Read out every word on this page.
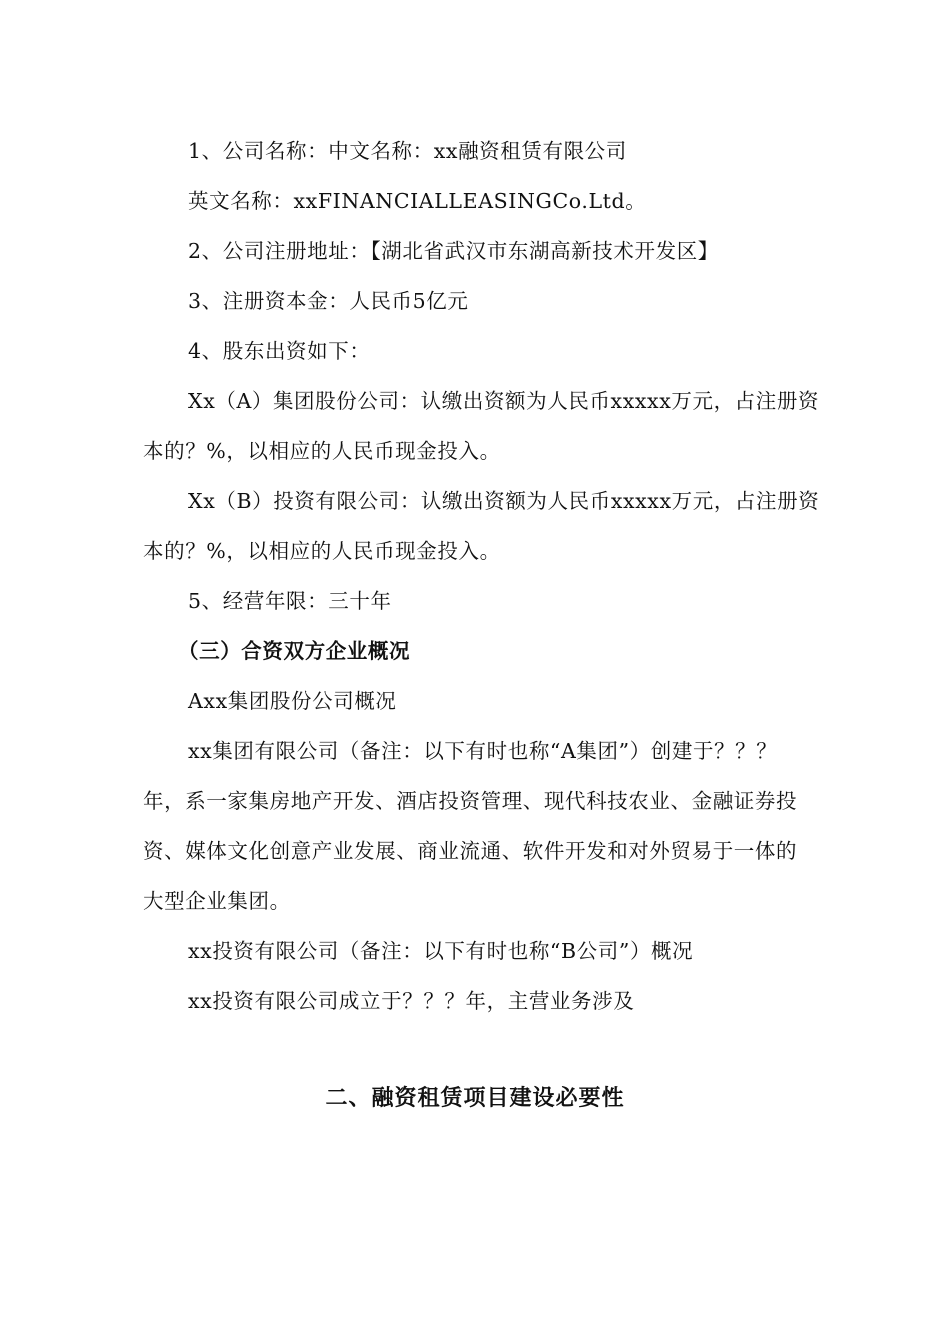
1、公司名称：中文名称：xx融资租赁有限公司
英文名称：xxFINANCIALLEASINGCo.Ltd。
2、公司注册地址：【湖北省武汉市东湖高新技术开发区】
3、注册资本金：人民币5亿元
4、股东出资如下：
Xx（A）集团股份公司：认缴出资额为人民币xxxxx万元，占注册资
本的？%，以相应的人民币现金投入。
Xx（B）投资有限公司：认缴出资额为人民币xxxxx万元，占注册资
本的？%，以相应的人民币现金投入。
5、经营年限：三十年
（三）合资双方企业概况
Axx集团股份公司概况
xx集团有限公司（备注：以下有时也称“A集团”）创建于？？？
年，系一家集房地产开发、酒店投资管理、现代科技农业、金融证券投
资、媒体文化创意产业发展、商业流通、软件开发和对外贸易于一体的
大型企业集团。
xx投资有限公司（备注：以下有时也称“B公司”）概况
xx投资有限公司成立于？？？年，主营业务涉及
二、融资租赁项目建设必要性
